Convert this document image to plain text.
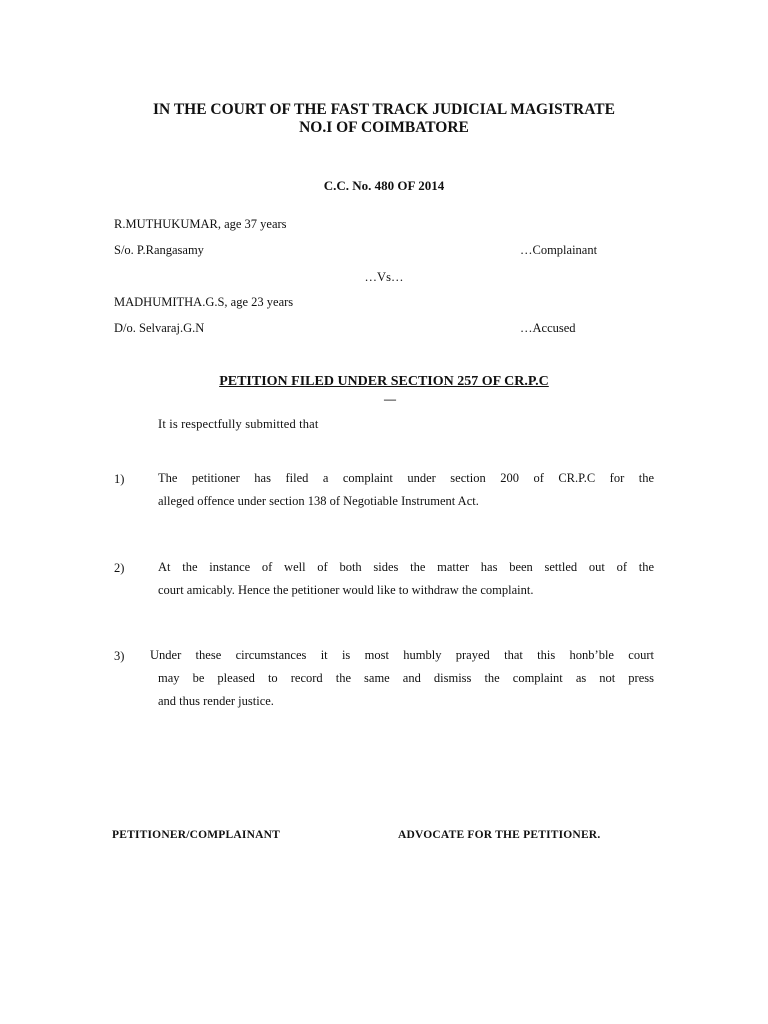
IN THE COURT OF THE FAST TRACK JUDICIAL MAGISTRATE
NO.I OF COIMBATORE
C.C. No. 480 OF 2014
R.MUTHUKUMAR, age 37 years
S/o. P.Rangasamy	…Complainant
…Vs…
MADHUMITHA.G.S, age 23 years
D/o. Selvaraj.G.N	…Accused
PETITION FILED UNDER SECTION 257 OF CR.P.C
—
It is respectfully submitted that
1)	The petitioner has filed a complaint under section 200 of CR.P.C for the
alleged offence under section 138 of Negotiable Instrument Act.
2)	At the instance of well of both sides the matter has been settled out of the
court amicably. Hence the petitioner would like to withdraw the complaint.
3) Under these circumstances it is most humbly prayed that this honb’ble court
may be pleased to record the same and dismiss the complaint as not press
and thus render justice.
PETITIONER/COMPLAINANT	ADVOCATE FOR THE PETITIONER.
